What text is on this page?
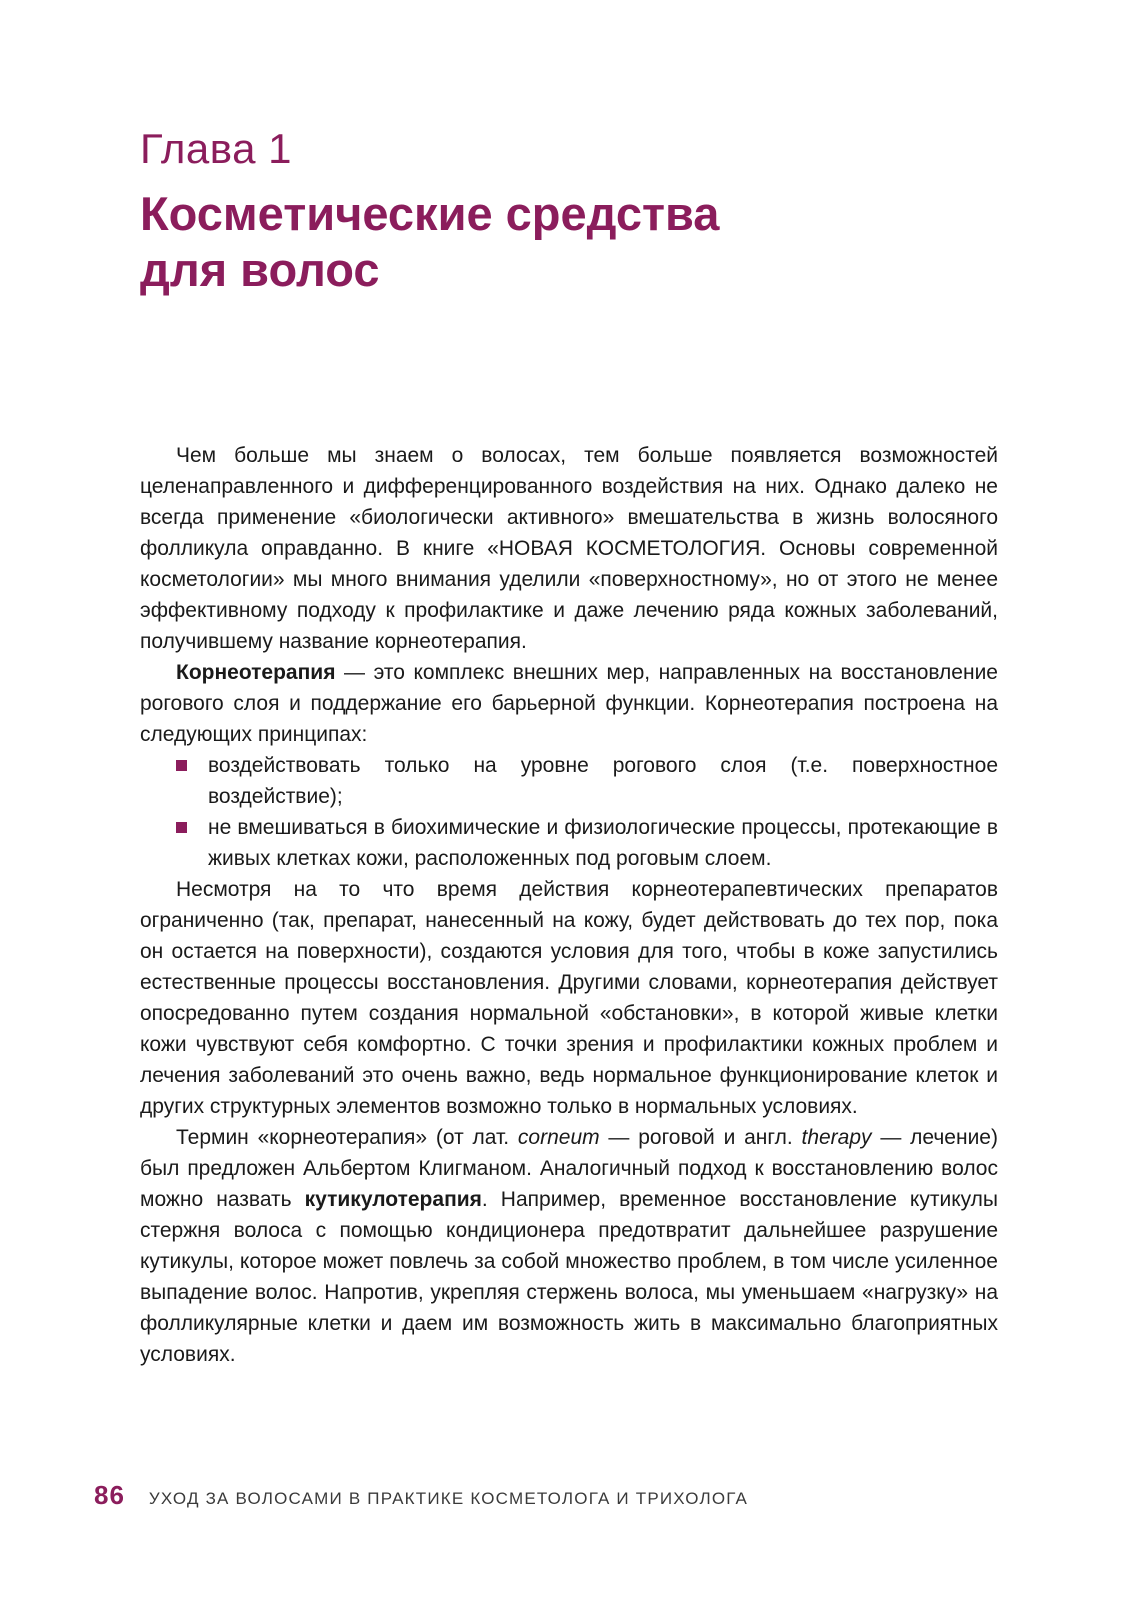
Глава 1
Косметические средства
для волос

Чем больше мы знаем о волосах, тем больше появляется возможностей целенаправленного и дифференцированного воздействия на них. Однако далеко не всегда применение «биологически активного» вмешательства в жизнь волосяного фолликула оправданно. В книге «НОВАЯ КОСМЕТОЛОГИЯ. Основы современной косметологии» мы много внимания уделили «поверхностному», но от этого не менее эффективному подходу к профилактике и даже лечению ряда кожных заболеваний, получившему название корнеотерапия.

Корнеотерапия — это комплекс внешних мер, направленных на восстановление рогового слоя и поддержание его барьерной функции. Корнеотерапия построена на следующих принципах:

воздействовать только на уровне рогового слоя (т.е. поверхностное воздействие);
не вмешиваться в биохимические и физиологические процессы, протекающие в живых клетках кожи, расположенных под роговым слоем.

Несмотря на то что время действия корнеотерапевтических препаратов ограниченно (так, препарат, нанесенный на кожу, будет действовать до тех пор, пока он остается на поверхности), создаются условия для того, чтобы в коже запустились естественные процессы восстановления. Другими словами, корнеотерапия действует опосредованно путем создания нормальной «обстановки», в которой живые клетки кожи чувствуют себя комфортно. С точки зрения и профилактики кожных проблем и лечения заболеваний это очень важно, ведь нормальное функционирование клеток и других структурных элементов возможно только в нормальных условиях.

Термин «корнеотерапия» (от лат. corneum — роговой и англ. therapy — лечение) был предложен Альбертом Клигманом. Аналогичный подход к восстановлению волос можно назвать кутикулотерапия. Например, временное восстановление кутикулы стержня волоса с помощью кондиционера предотвратит дальнейшее разрушение кутикулы, которое может повлечь за собой множество проблем, в том числе усиленное выпадение волос. Напротив, укрепляя стержень волоса, мы уменьшаем «нагрузку» на фолликулярные клетки и даем им возможность жить в максимально благоприятных условиях.

86 УХОД ЗА ВОЛОСАМИ В ПРАКТИКЕ КОСМЕТОЛОГА И ТРИХОЛОГА
